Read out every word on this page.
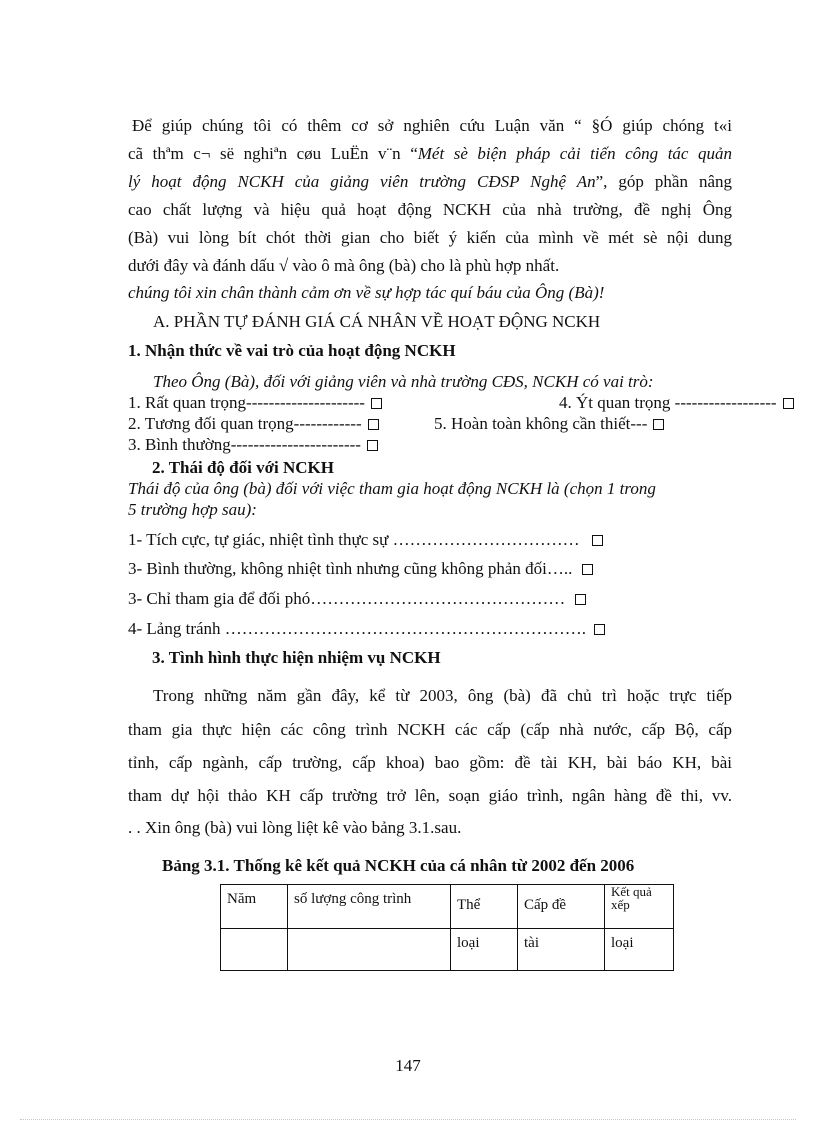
Để giúp chúng tôi có thêm cơ sở nghiên cứu Luận văn “ §Ó giúp chóng t«i
cã thªm c¬ së nghiªn cøu LuËn v¨n “Mét sè biện pháp cải tiến công tác quản
lý hoạt động NCKH của giảng viên trường CĐSP Nghệ An”, góp phần nâng
cao chất lượng và hiệu quả hoạt động NCKH của nhà trường, đề nghị Ông
(Bà) vui lòng bít chót thời gian cho biết ý kiến của mình về mét sè nội dung
dưới đây và đánh dấu √ vào ô mà ông (bà) cho là phù hợp nhất.
chúng tôi xin chân thành cảm ơn về sự hợp tác quí báu của Ông (Bà)!
A. PHẦN TỰ ĐÁNH GIÁ CÁ NHÂN VỀ HOẠT ĐỘNG NCKH
1. Nhận thức về vai trò của hoạt động NCKH
Theo Ông (Bà), đối với giảng viên và nhà trường CĐS, NCKH có vai trò:
1. Rất quan trọng---------------------	4. Ýt quan trọng ------------------
2. Tương đối quan trọng------------	5. Hoàn toàn không cần thiết---
3. Bình thường-----------------------
2. Thái độ đối với NCKH
Thái độ của ông (bà) đối với việc tham gia hoạt động NCKH là (chọn 1 trong
5 trường hợp sau):
1- Tích cực, tự giác, nhiệt tình thực sự ……………………………
3- Bình thường, không nhiệt tình nhưng cũng không phản đối…..
3- Chỉ tham gia để đối phó………………………………………
4- Lảng tránh ……………………………………………………….
3. Tình hình thực hiện nhiệm vụ NCKH
Trong những năm gần đây, kể từ 2003, ông (bà) đã chủ trì hoặc trực tiếp
tham gia thực hiện các công trình NCKH các cấp (cấp nhà nước, cấp Bộ, cấp
tỉnh, cấp ngành, cấp trường, cấp khoa) bao gồm: đề tài KH, bài báo KH, bài
tham dự hội thảo KH cấp trường trở lên, soạn giáo trình, ngân hàng đề thi, vv.
. . Xin ông (bà) vui lòng liệt kê vào bảng 3.1.sau.
Bảng 3.1. Thống kê kết quả NCKH của cá nhân từ 2002 đến 2006
Năm	số lượng công trình	Thể	Cấp đề	Kết quả xếp
		loại	tài	loại
147
